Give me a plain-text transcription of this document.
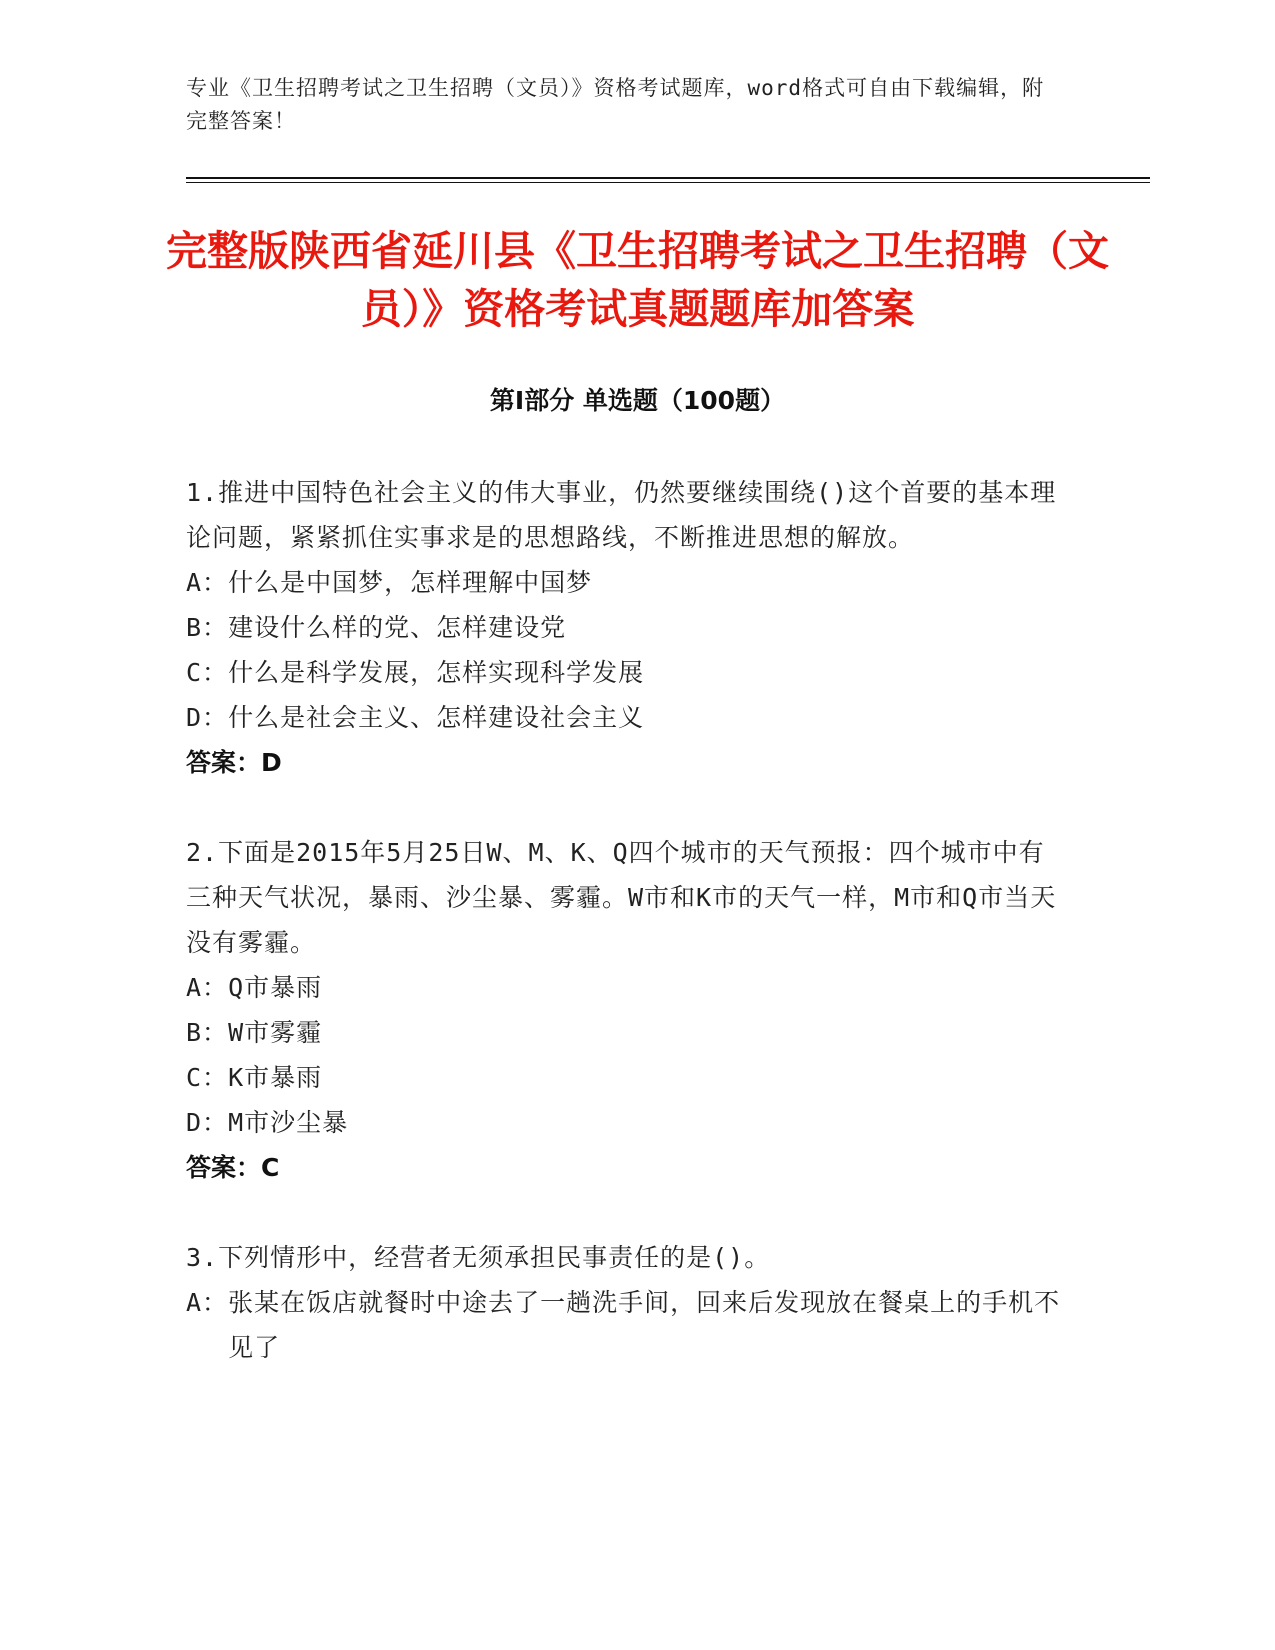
专业《卫生招聘考试之卫生招聘（文员）》资格考试题库，word格式可自由下载编辑，附完整答案！
完整版陕西省延川县《卫生招聘考试之卫生招聘（文员）》资格考试真题题库加答案
第Ⅰ部分 单选题（100题）

1.推进中国特色社会主义的伟大事业，仍然要继续围绕()这个首要的基本理论问题，紧紧抓住实事求是的思想路线，不断推进思想的解放。

A： 什么是中国梦，怎样理解中国梦

B： 建设什么样的党、怎样建设党

C： 什么是科学发展，怎样实现科学发展

D： 什么是社会主义、怎样建设社会主义

答案：D

2.下面是2015年5月25日W、M、K、Q四个城市的天气预报：四个城市中有三种天气状况，暴雨、沙尘暴、雾霾。W市和K市的天气一样，M市和Q市当天没有雾霾。

A： Q市暴雨

B： W市雾霾

C： K市暴雨

D： M市沙尘暴

答案：C

3.下列情形中，经营者无须承担民事责任的是()。

A： 张某在饭店就餐时中途去了一趟洗手间，回来后发现放在餐桌上的手机不见了
